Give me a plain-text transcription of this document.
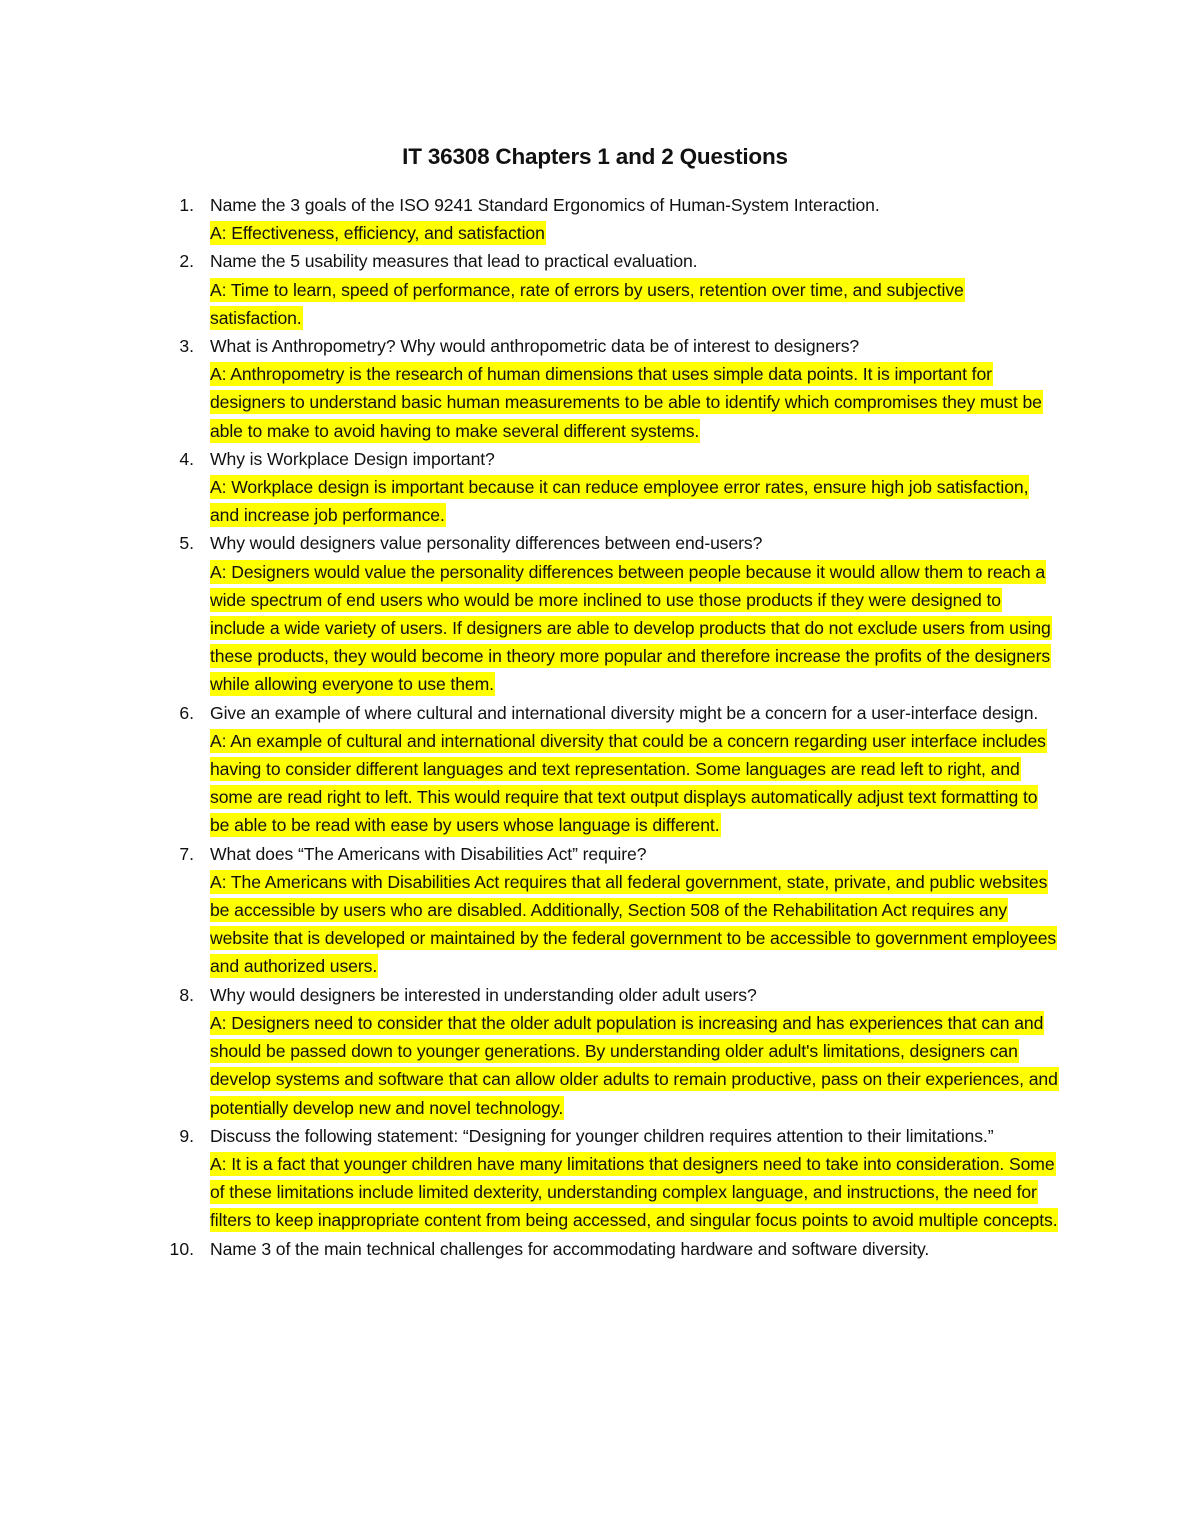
IT 36308 Chapters 1 and 2 Questions
1. Name the 3 goals of the ISO 9241 Standard Ergonomics of Human-System Interaction.
A: Effectiveness, efficiency, and satisfaction
2. Name the 5 usability measures that lead to practical evaluation.
A: Time to learn, speed of performance, rate of errors by users, retention over time, and subjective satisfaction.
3. What is Anthropometry? Why would anthropometric data be of interest to designers?
A: Anthropometry is the research of human dimensions that uses simple data points. It is important for designers to understand basic human measurements to be able to identify which compromises they must be able to make to avoid having to make several different systems.
4. Why is Workplace Design important?
A: Workplace design is important because it can reduce employee error rates, ensure high job satisfaction, and increase job performance.
5. Why would designers value personality differences between end-users?
A: Designers would value the personality differences between people because it would allow them to reach a wide spectrum of end users who would be more inclined to use those products if they were designed to include a wide variety of users. If designers are able to develop products that do not exclude users from using these products, they would become in theory more popular and therefore increase the profits of the designers while allowing everyone to use them.
6. Give an example of where cultural and international diversity might be a concern for a user-interface design.
A: An example of cultural and international diversity that could be a concern regarding user interface includes having to consider different languages and text representation. Some languages are read left to right, and some are read right to left. This would require that text output displays automatically adjust text formatting to be able to be read with ease by users whose language is different.
7. What does “The Americans with Disabilities Act” require?
A: The Americans with Disabilities Act requires that all federal government, state, private, and public websites be accessible by users who are disabled. Additionally, Section 508 of the Rehabilitation Act requires any website that is developed or maintained by the federal government to be accessible to government employees and authorized users.
8. Why would designers be interested in understanding older adult users?
A: Designers need to consider that the older adult population is increasing and has experiences that can and should be passed down to younger generations. By understanding older adult's limitations, designers can develop systems and software that can allow older adults to remain productive, pass on their experiences, and potentially develop new and novel technology.
9. Discuss the following statement: “Designing for younger children requires attention to their limitations.”
A: It is a fact that younger children have many limitations that designers need to take into consideration. Some of these limitations include limited dexterity, understanding complex language, and instructions, the need for filters to keep inappropriate content from being accessed, and singular focus points to avoid multiple concepts.
10. Name 3 of the main technical challenges for accommodating hardware and software diversity.
